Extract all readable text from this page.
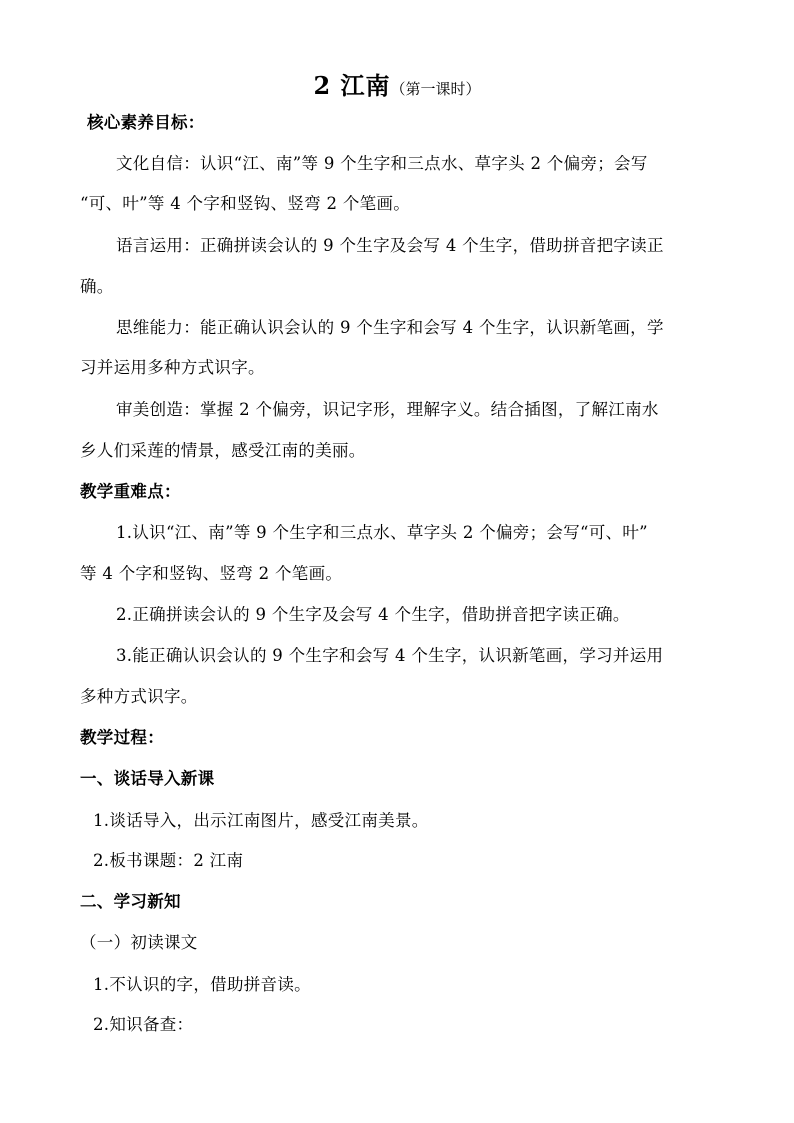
2 江南（第一课时）
核心素养目标：
文化自信：认识“江、南”等 9 个生字和三点水、草字头 2 个偏旁；会写
“可、叶”等 4 个字和竖钩、竖弯 2 个笔画。
语言运用：正确拼读会认的 9 个生字及会写 4 个生字，借助拼音把字读正
确。
思维能力：能正确认识会认的 9 个生字和会写 4 个生字，认识新笔画，学
习并运用多种方式识字。
审美创造：掌握 2 个偏旁，识记字形，理解字义。结合插图，了解江南水
乡人们采莲的情景，感受江南的美丽。
教学重难点：
1.认识“江、南”等 9 个生字和三点水、草字头 2 个偏旁；会写“可、叶”
等 4 个字和竖钩、竖弯 2 个笔画。
2.正确拼读会认的 9 个生字及会写 4 个生字，借助拼音把字读正确。
3.能正确认识会认的 9 个生字和会写 4 个生字，认识新笔画，学习并运用
多种方式识字。
教学过程：
一、谈话导入新课
1.谈话导入，出示江南图片，感受江南美景。
2.板书课题：2 江南
二、学习新知
（一）初读课文
1.不认识的字，借助拼音读。
2.知识备查：
